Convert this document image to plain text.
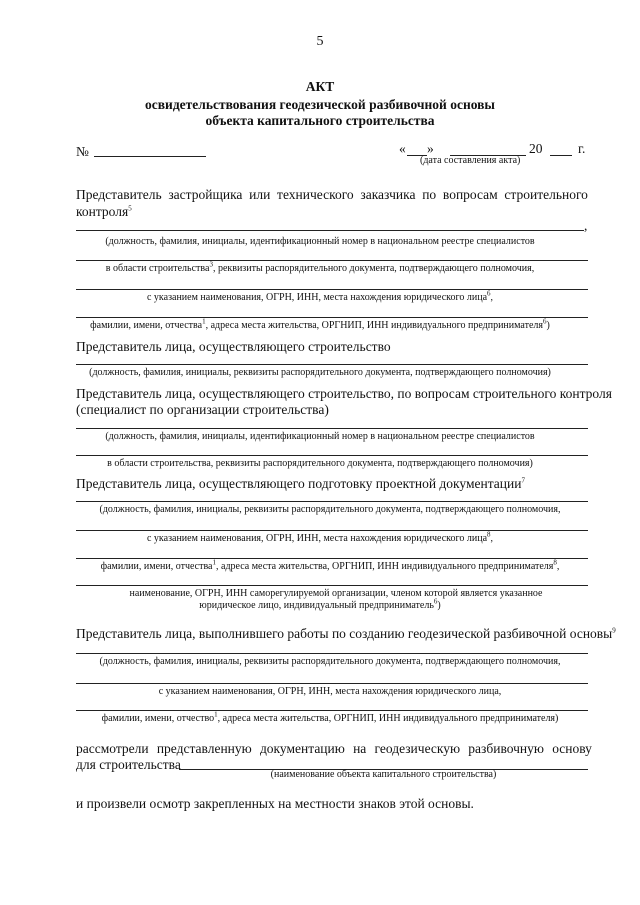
5
АКТ
освидетельствования геодезической разбивочной основы
объекта капитального строительства
№	« »	20	г.
(дата составления акта)
Представитель застройщика или технического заказчика по вопросам строительного
контроля$^5$
,
(должность, фамилия, инициалы, идентификационный номер в национальном реестре специалистов
в области строительства$^3$, реквизиты распорядительного документа, подтверждающего полномочия,
с указанием наименования, ОГРН, ИНН, места нахождения юридического лица$^6$,
фамилии, имени, отчества$^1$, адреса места жительства, ОРГНИП, ИНН индивидуального предпринимателя$^6$)
Представитель лица, осуществляющего строительство
(должность, фамилия, инициалы, реквизиты распорядительного документа, подтверждающего полномочия)
Представитель лица, осуществляющего строительство, по вопросам строительного контроля
(специалист по организации строительства)
(должность, фамилия, инициалы, идентификационный номер в национальном реестре специалистов
в области строительства, реквизиты распорядительного документа, подтверждающего полномочия)
Представитель лица, осуществляющего подготовку проектной документации$^7$
(должность, фамилия, инициалы, реквизиты распорядительного документа, подтверждающего полномочия,
с указанием наименования, ОГРН, ИНН, места нахождения юридического лица$^8$,
фамилии, имени, отчества$^1$, адреса места жительства, ОРГНИП, ИНН индивидуального предпринимателя$^8$,
наименование, ОГРН, ИНН саморегулируемой организации, членом которой является указанное
юридическое лицо, индивидуальный предприниматель$^6$)
Представитель лица, выполнившего работы по созданию геодезической разбивочной основы$^9$
(должность, фамилия, инициалы, реквизиты распорядительного документа, подтверждающего полномочия,
с указанием наименования, ОГРН, ИНН, места нахождения юридического лица,
фамилии, имени, отчество$^1$, адреса места жительства, ОРГНИП, ИНН индивидуального предпринимателя)
рассмотрели представленную документацию на геодезическую разбивочную основу
для строительства
(наименование объекта капитального строительства)
и произвели осмотр закрепленных на местности знаков этой основы.
